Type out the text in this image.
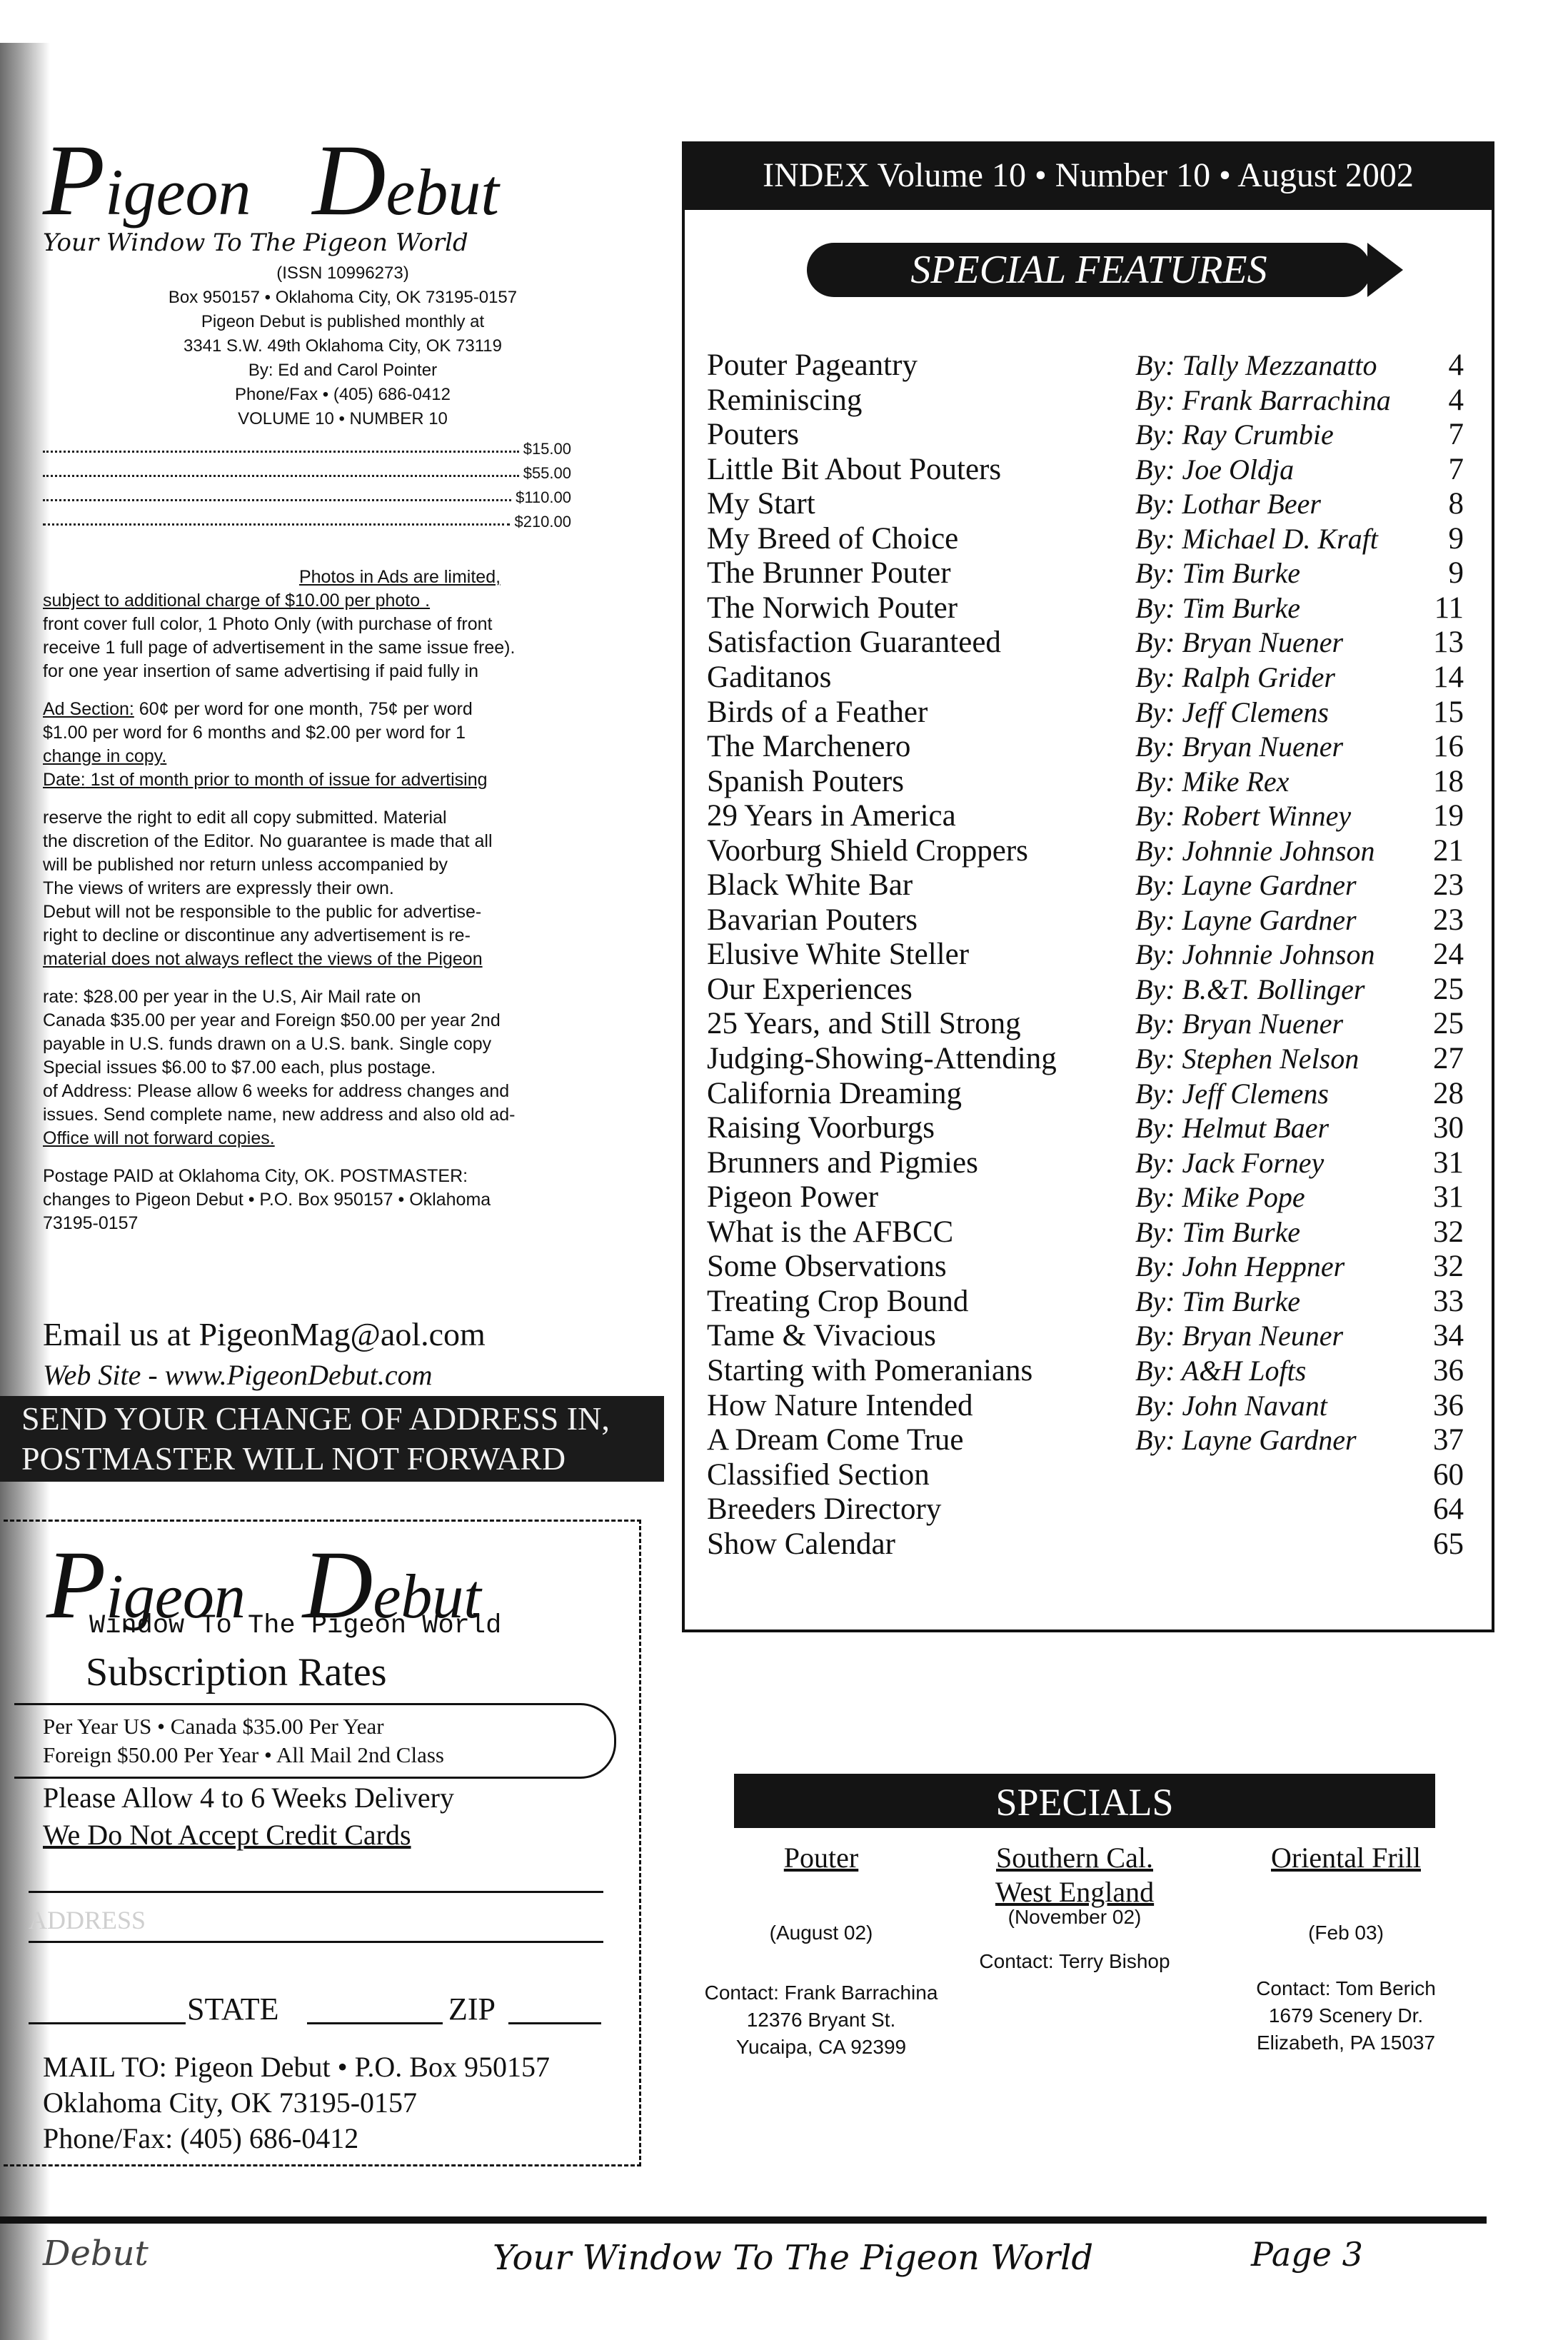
Pigeon Debut
Your Window To The Pigeon World
(ISSN 10996273)
Box 950157 • Oklahoma City, OK 73195-0157
Pigeon Debut is published monthly at
3341 S.W. 49th Oklahoma City, OK 73119
By: Ed and Carol Pointer
Phone/Fax • (405) 686-0412
VOLUME 10 • NUMBER 10
$15.00
$55.00
$110.00
$210.00
Photos in Ads are limited,
subject to additional charge of $10.00 per photo .
front cover full color, 1 Photo Only (with purchase of front
receive 1 full page of advertisement in the same issue free).
for one year insertion of same advertising if paid fully in
Ad Section: 60¢ per word for one month, 75¢ per word
$1.00 per word for 6 months and $2.00 per word for 1
change in copy.
Date: 1st of month prior to month of issue for advertising
reserve the right to edit all copy submitted. Material
the discretion of the Editor. No guarantee is made that all
will be published nor return unless accompanied by
The views of writers are expressly their own.
Debut will not be responsible to the public for advertise-
right to decline or discontinue any advertisement is re-
material does not always reflect the views of the Pigeon
rate: $28.00 per year in the U.S, Air Mail rate on
Canada $35.00 per year and Foreign $50.00 per year 2nd
payable in U.S. funds drawn on a U.S. bank. Single copy
Special issues $6.00 to $7.00 each, plus postage.
of Address: Please allow 6 weeks for address changes and
issues. Send complete name, new address and also old ad-
Office will not forward copies.
Postage PAID at Oklahoma City, OK. POSTMASTER:
changes to Pigeon Debut • P.O. Box 950157 • Oklahoma
73195-0157
Email us at PigeonMag@aol.com
Web Site - www.PigeonDebut.com
SEND YOUR CHANGE OF ADDRESS IN,
POSTMASTER WILL NOT FORWARD
Pigeon Debut
Window To The Pigeon World
Subscription Rates
Per Year US • Canada $35.00 Per Year
Foreign $50.00 Per Year • All Mail 2nd Class
Please Allow 4 to 6 Weeks Delivery
We Do Not Accept Credit Cards
ADDRESS
STATE	ZIP
MAIL TO: Pigeon Debut • P.O. Box 950157
Oklahoma City, OK 73195-0157
Phone/Fax: (405) 686-0412
INDEX Volume 10 • Number 10 • August 2002
SPECIAL FEATURES
Pouter Pageantry	By: Tally Mezzanatto 4
Reminiscing	By: Frank Barrachina 4
Pouters	By: Ray Crumbie	7
Little Bit About Pouters	By: Joe Oldja	7
My Start	By: Lothar Beer	8
My Breed of Choice	By: Michael D. Kraft 9
The Brunner Pouter	By: Tim Burke	9
The Norwich Pouter	By: Tim Burke	11
Satisfaction Guaranteed	By: Bryan Nuener	13
Gaditanos	By: Ralph Grider	14
Birds of a Feather	By: Jeff Clemens	15
The Marchenero	By: Bryan Nuener	16
Spanish Pouters	By: Mike Rex	18
29 Years in America	By: Robert Winney	19
Voorburg Shield Croppers	By: Johnnie Johnson 21
Black White Bar	By: Layne Gardner 23
Bavarian Pouters	By: Layne Gardner 23
Elusive White Steller	By: Johnnie Johnson 24
Our Experiences	By: B.&T. Bollinger 25
25 Years, and Still Strong	By: Bryan Nuener	25
Judging-Showing-Attending	By: Stephen Nelson 27
California Dreaming	By: Jeff Clemens	28
Raising Voorburgs	By: Helmut Baer	30
Brunners and Pigmies	By: Jack Forney	31
Pigeon Power	By: Mike Pope	31
What is the AFBCC	By: Tim Burke	32
Some Observations	By: John Heppner	32
Treating Crop Bound	By: Tim Burke	33
Tame & Vivacious	By: Bryan Neuner	34
Starting with Pomeranians	By: A&H Lofts	36
How Nature Intended	By: John Navant	36
A Dream Come True	By: Layne Gardner 37
Classified Section	60
Breeders Directory	64
Show Calendar	65
SPECIALS
Pouter
(August 02)
Contact: Frank Barrachina
12376 Bryant St.
Yucaipa, CA 92399
Southern Cal.
West England
(November 02)
Contact: Terry Bishop
Oriental Frill
(Feb 03)
Contact: Tom Berich
1679 Scenery Dr.
Elizabeth, PA 15037
Debut	Your Window To The Pigeon World	Page 3
